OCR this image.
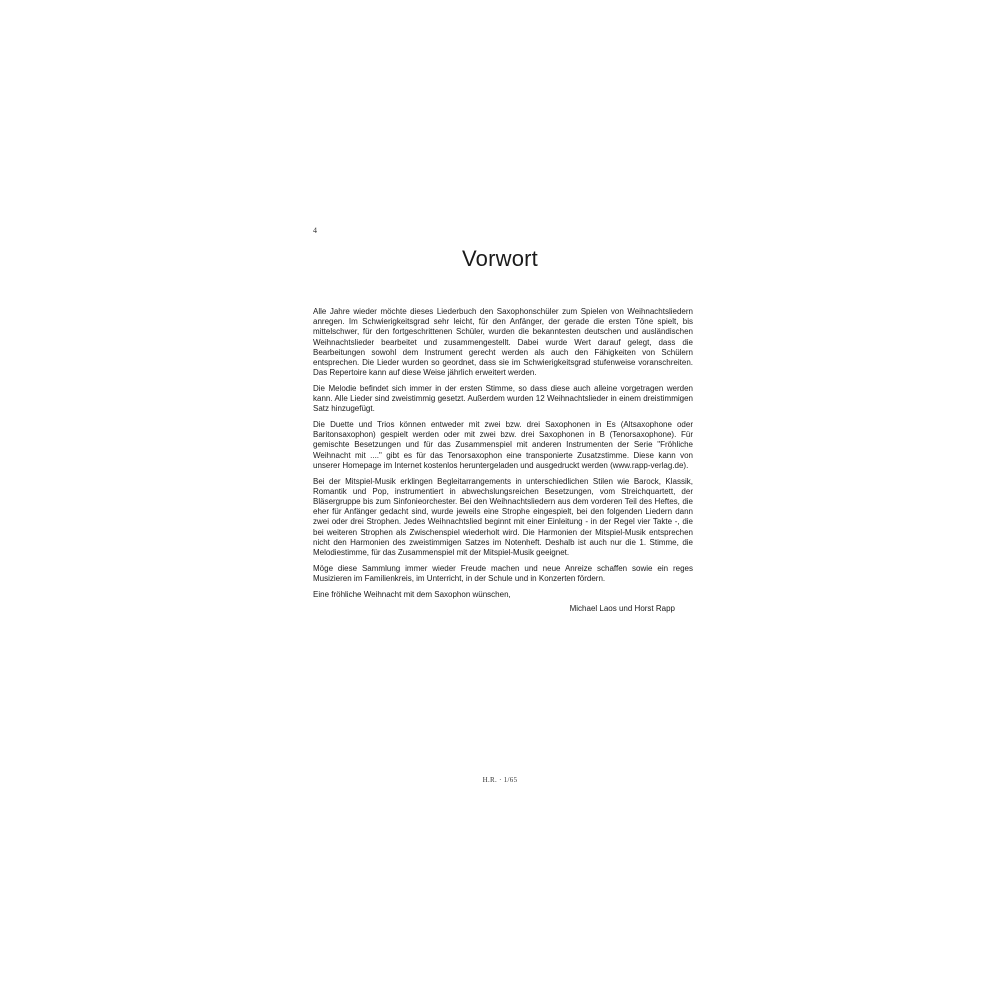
4
Vorwort

Alle Jahre wieder möchte dieses Liederbuch den Saxophonschüler zum Spielen von Weihnachtsliedern anregen. Im Schwierigkeitsgrad sehr leicht, für den Anfänger, der gerade die ersten Töne spielt, bis mittelschwer, für den fortgeschrittenen Schüler, wurden die bekanntesten deutschen und ausländischen Weihnachtslieder bearbeitet und zusammengestellt. Dabei wurde Wert darauf gelegt, dass die Bearbeitungen sowohl dem Instrument gerecht werden als auch den Fähigkeiten von Schülern entsprechen. Die Lieder wurden so geordnet, dass sie im Schwierigkeitsgrad stufenweise voranschreiten. Das Repertoire kann auf diese Weise jährlich erweitert werden.

Die Melodie befindet sich immer in der ersten Stimme, so dass diese auch alleine vorgetragen werden kann. Alle Lieder sind zweistimmig gesetzt. Außerdem wurden 12 Weihnachtslieder in einem dreistimmigen Satz hinzugefügt.

Die Duette und Trios können entweder mit zwei bzw. drei Saxophonen in Es (Altsaxophone oder Baritonsaxophon) gespielt werden oder mit zwei bzw. drei Saxophonen in B (Tenorsaxophone). Für gemischte Besetzungen und für das Zusammenspiel mit anderen Instrumenten der Serie "Fröhliche Weihnacht mit ...." gibt es für das Tenorsaxophon eine transponierte Zusatzstimme. Diese kann von unserer Homepage im Internet kostenlos heruntergeladen und ausgedruckt werden (www.rapp-verlag.de).

Bei der Mitspiel-Musik erklingen Begleitarrangements in unterschiedlichen Stilen wie Barock, Klassik, Romantik und Pop, instrumentiert in abwechslungsreichen Besetzungen, vom Streichquartett, der Bläsergruppe bis zum Sinfonieorchester. Bei den Weihnachtsliedern aus dem vorderen Teil des Heftes, die eher für Anfänger gedacht sind, wurde jeweils eine Strophe eingespielt, bei den folgenden Liedern dann zwei oder drei Strophen. Jedes Weihnachtslied beginnt mit einer Einleitung - in der Regel vier Takte -, die bei weiteren Strophen als Zwischenspiel wiederholt wird. Die Harmonien der Mitspiel-Musik entsprechen nicht den Harmonien des zweistimmigen Satzes im Notenheft. Deshalb ist auch nur die 1. Stimme, die Melodiestimme, für das Zusammenspiel mit der Mitspiel-Musik geeignet.

Möge diese Sammlung immer wieder Freude machen und neue Anreize schaffen sowie ein reges Musizieren im Familienkreis, im Unterricht, in der Schule und in Konzerten fördern.

Eine fröhliche Weihnacht mit dem Saxophon wünschen,

Michael Laos und Horst Rapp
H.R. · 1/65
